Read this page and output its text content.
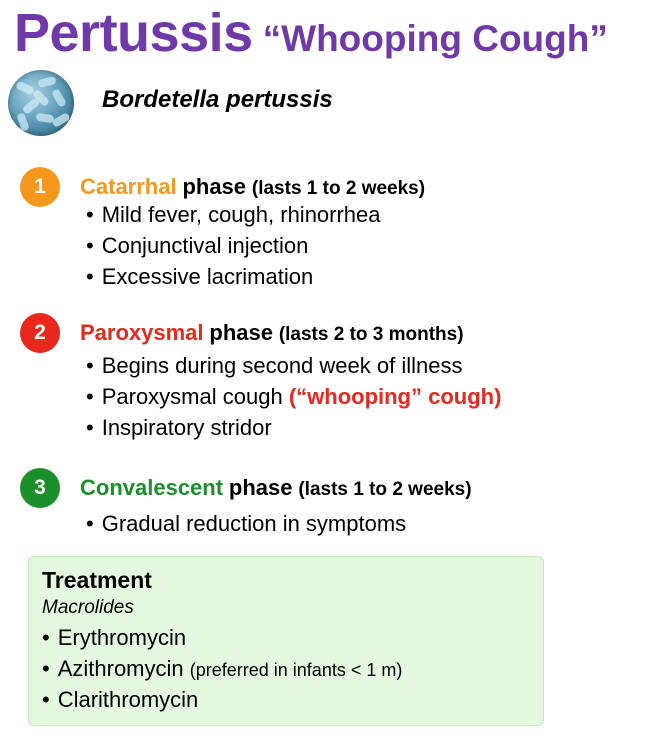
Pertussis “Whooping Cough”
Bordetella pertussis
1	Catarrhal phase (lasts 1 to 2 weeks)
• Mild fever, cough, rhinorrhea
• Conjunctival injection
• Excessive lacrimation
2	Paroxysmal phase (lasts 2 to 3 months)
• Begins during second week of illness
• Paroxysmal cough (“whooping” cough)
• Inspiratory stridor
3	Convalescent phase (lasts 1 to 2 weeks)
• Gradual reduction in symptoms
Treatment
Macrolides
• Erythromycin
• Azithromycin (preferred in infants < 1 m)
• Clarithromycin
